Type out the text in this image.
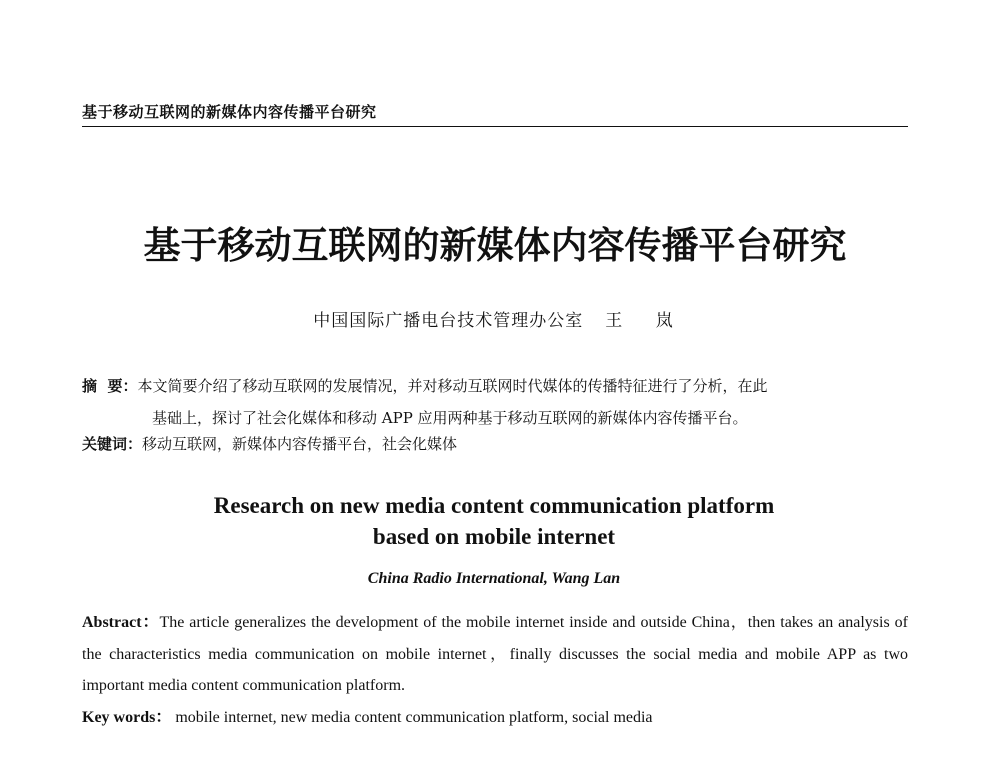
基于移动互联网的新媒体内容传播平台研究
基于移动互联网的新媒体内容传播平台研究
中国国际广播电台技术管理办公室 王 岚
摘  要：本文简要介绍了移动互联网的发展情况，并对移动互联网时代媒体的传播特征进行了分析，在此
基础上，探讨了社会化媒体和移动 APP 应用两种基于移动互联网的新媒体内容传播平台。
关键词：移动互联网，新媒体内容传播平台，社会化媒体
Research on new media content communication platform
based on mobile internet
China Radio International, Wang Lan
Abstract：The article generalizes the development of the mobile internet inside and outside China，then takes an analysis of the characteristics media communication on mobile internet，finally discusses the social media and mobile APP as two important media content communication platform.
Key words： mobile internet, new media content communication platform, social media
